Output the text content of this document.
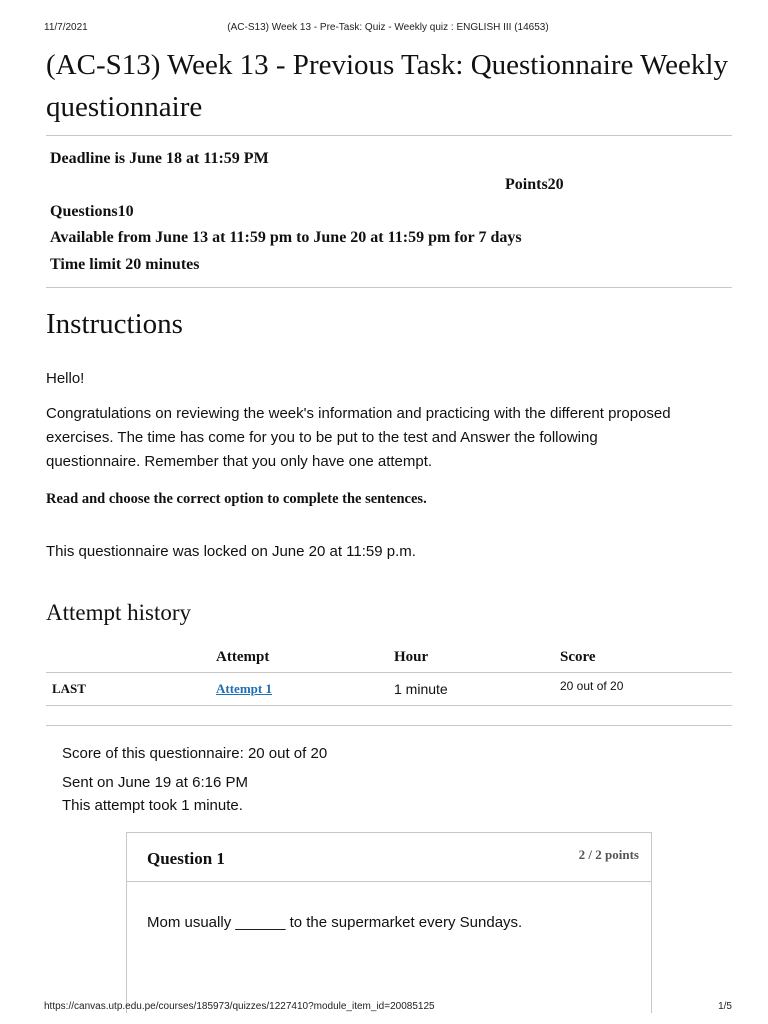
11/7/2021	(AC-S13) Week 13 - Pre-Task: Quiz - Weekly quiz : ENGLISH III (14653)
(AC-S13) Week 13 - Previous Task: Questionnaire Weekly questionnaire
Deadline is June 18 at 11:59 PM
Points20
Questions10
Available from June 13 at 11:59 pm to June 20 at 11:59 pm for 7 days
Time limit 20 minutes
Instructions
Hello!
Congratulations on reviewing the week's information and practicing with the different proposed exercises. The time has come for you to be put to the test and Answer the following questionnaire. Remember that you only have one attempt.
Read and choose the correct option to complete the sentences.
This questionnaire was locked on June 20 at 11:59 p.m.
Attempt history
	Attempt	Hour	Score
LAST	Attempt 1	1 minute	20 out of 20
Score of this questionnaire: 20 out of 20
Sent on June 19 at 6:16 PM
This attempt took 1 minute.
Question 1	2 / 2 points
Mom usually ______ to the supermarket every Sundays.
https://canvas.utp.edu.pe/courses/185973/quizzes/1227410?module_item_id=20085125	1/5
